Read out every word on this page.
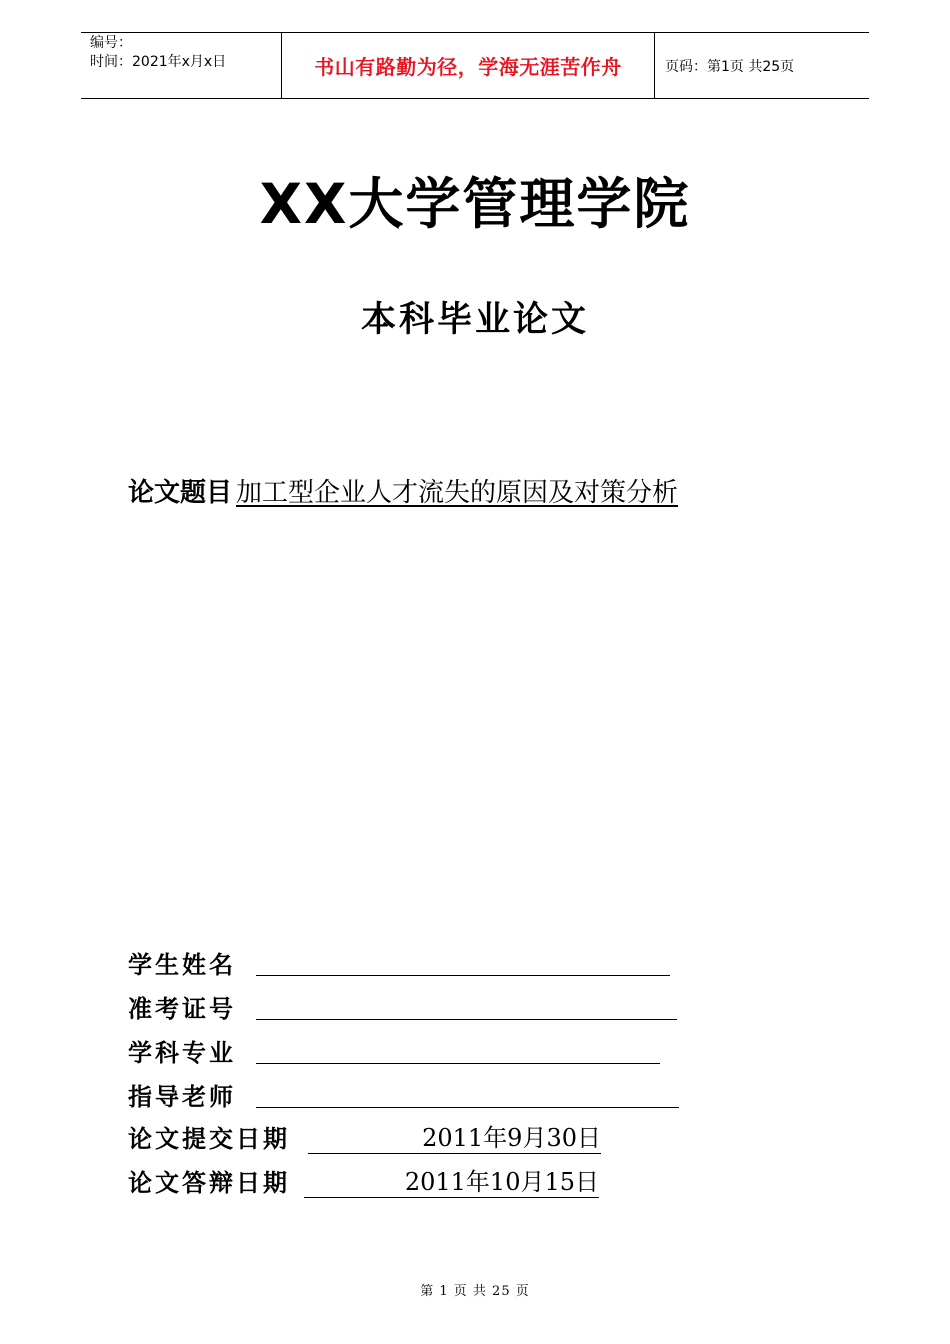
编号：
时间：2021年x月x日	书山有路勤为径，学海无涯苦作舟	页码：第1页 共25页
XX大学管理学院
本科毕业论文
论文题目 加工型企业人才流失的原因及对策分析
学生姓名
准考证号
学科专业
指导老师
论文提交日期	2011年9月30日
论文答辩日期	2011年10月15日
第 1 页 共 25 页
